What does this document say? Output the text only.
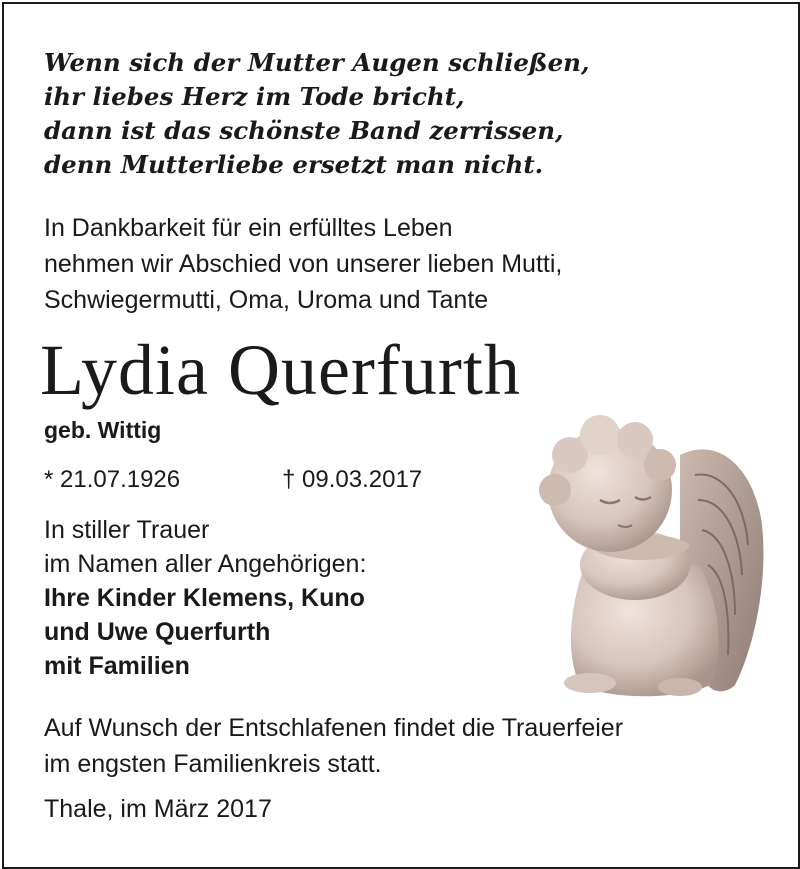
Wenn sich der Mutter Augen schließen,
ihr liebes Herz im Tode bricht,
dann ist das schönste Band zerrissen,
denn Mutterliebe ersetzt man nicht.
In Dankbarkeit für ein erfülltes Leben
nehmen wir Abschied von unserer lieben Mutti,
Schwiegermutti, Oma, Uroma und Tante
Lydia Querfurth
geb. Wittig
* 21.07.1926	† 09.03.2017
In stiller Trauer
im Namen aller Angehörigen:
Ihre Kinder Klemens, Kuno
und Uwe Querfurth
mit Familien
Auf Wunsch der Entschlafenen findet die Trauerfeier
im engsten Familienkreis statt.
Thale, im März 2017
